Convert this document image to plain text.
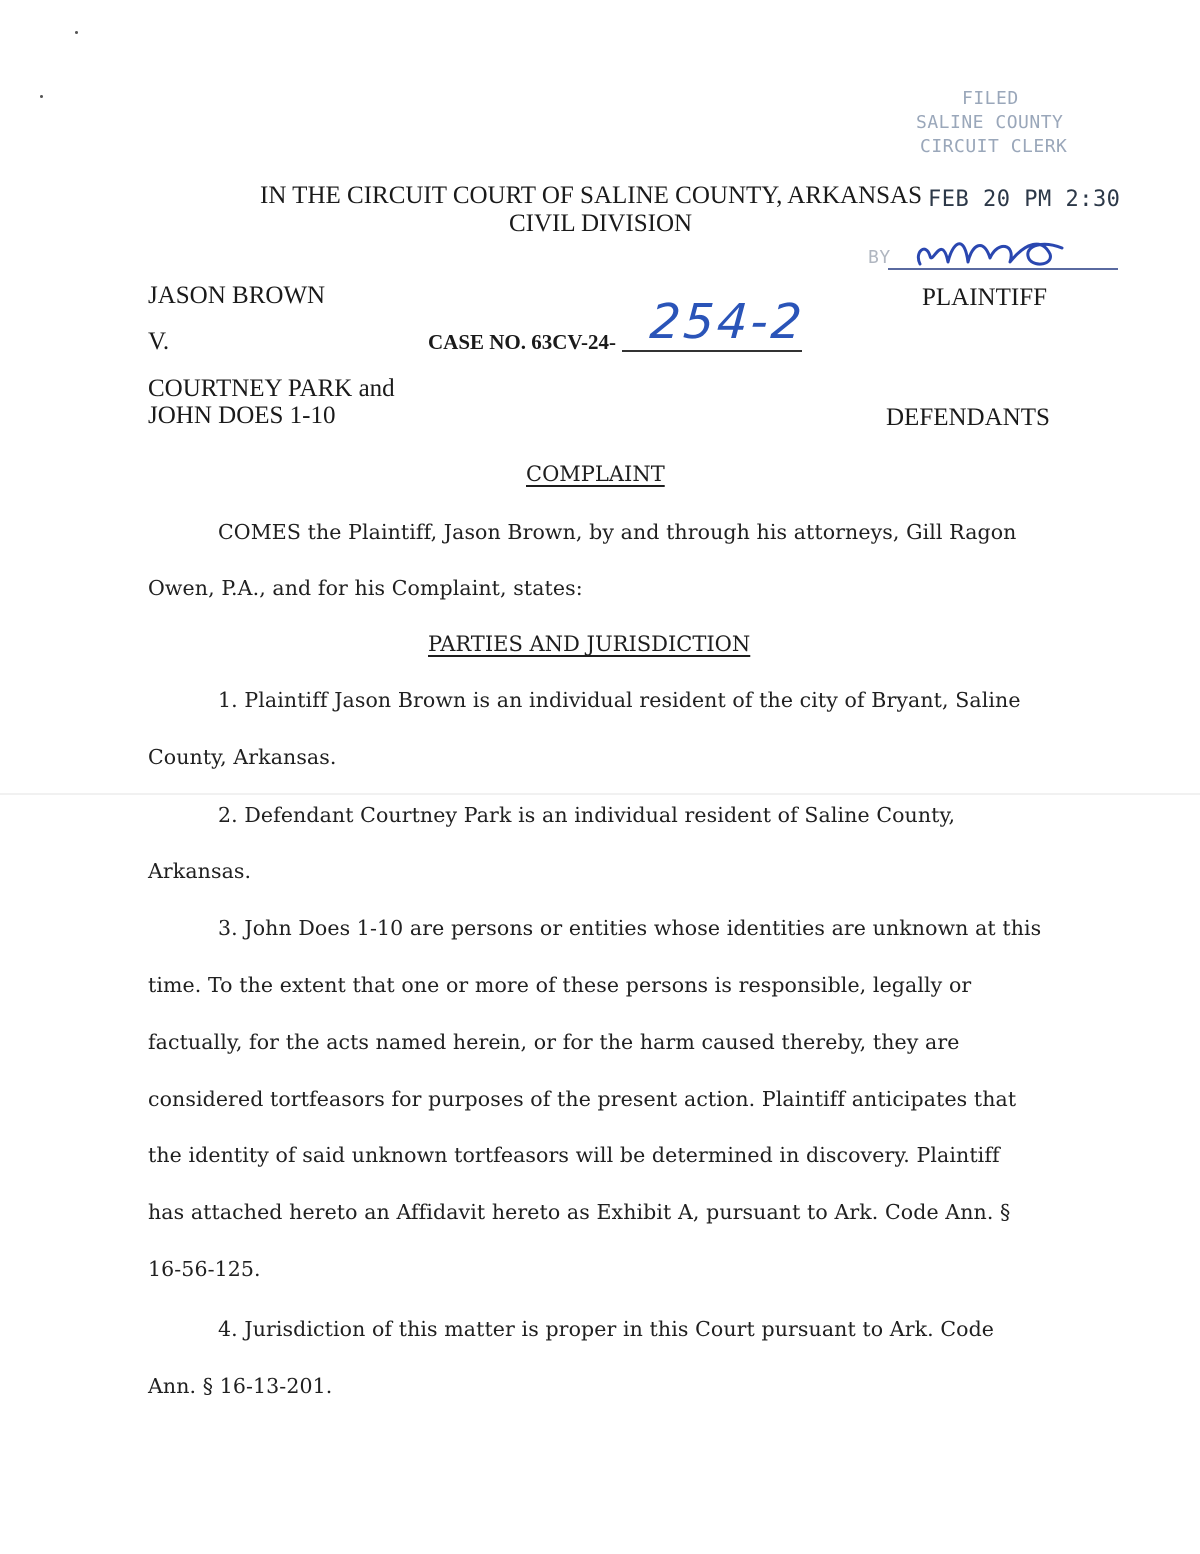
FILED
SALINE COUNTY
CIRCUIT CLERK
IN THE CIRCUIT COURT OF SALINE COUNTY, ARKANSAS FEB 20 PM 2:30
CIVIL DIVISION
BY
JASON BROWN	PLAINTIFF
V.	CASE NO. 63CV-24- 254-2
COURTNEY PARK and
JOHN DOES 1-10	DEFENDANTS
COMPLAINT
COMES the Plaintiff, Jason Brown, by and through his attorneys, Gill Ragon
Owen, P.A., and for his Complaint, states:
PARTIES AND JURISDICTION
1. Plaintiff Jason Brown is an individual resident of the city of Bryant, Saline
County, Arkansas.
2. Defendant Courtney Park is an individual resident of Saline County,
Arkansas.
3. John Does 1-10 are persons or entities whose identities are unknown at this
time. To the extent that one or more of these persons is responsible, legally or
factually, for the acts named herein, or for the harm caused thereby, they are
considered tortfeasors for purposes of the present action. Plaintiff anticipates that
the identity of said unknown tortfeasors will be determined in discovery. Plaintiff
has attached hereto an Affidavit hereto as Exhibit A, pursuant to Ark. Code Ann. §
16-56-125.
4. Jurisdiction of this matter is proper in this Court pursuant to Ark. Code
Ann. § 16-13-201.
